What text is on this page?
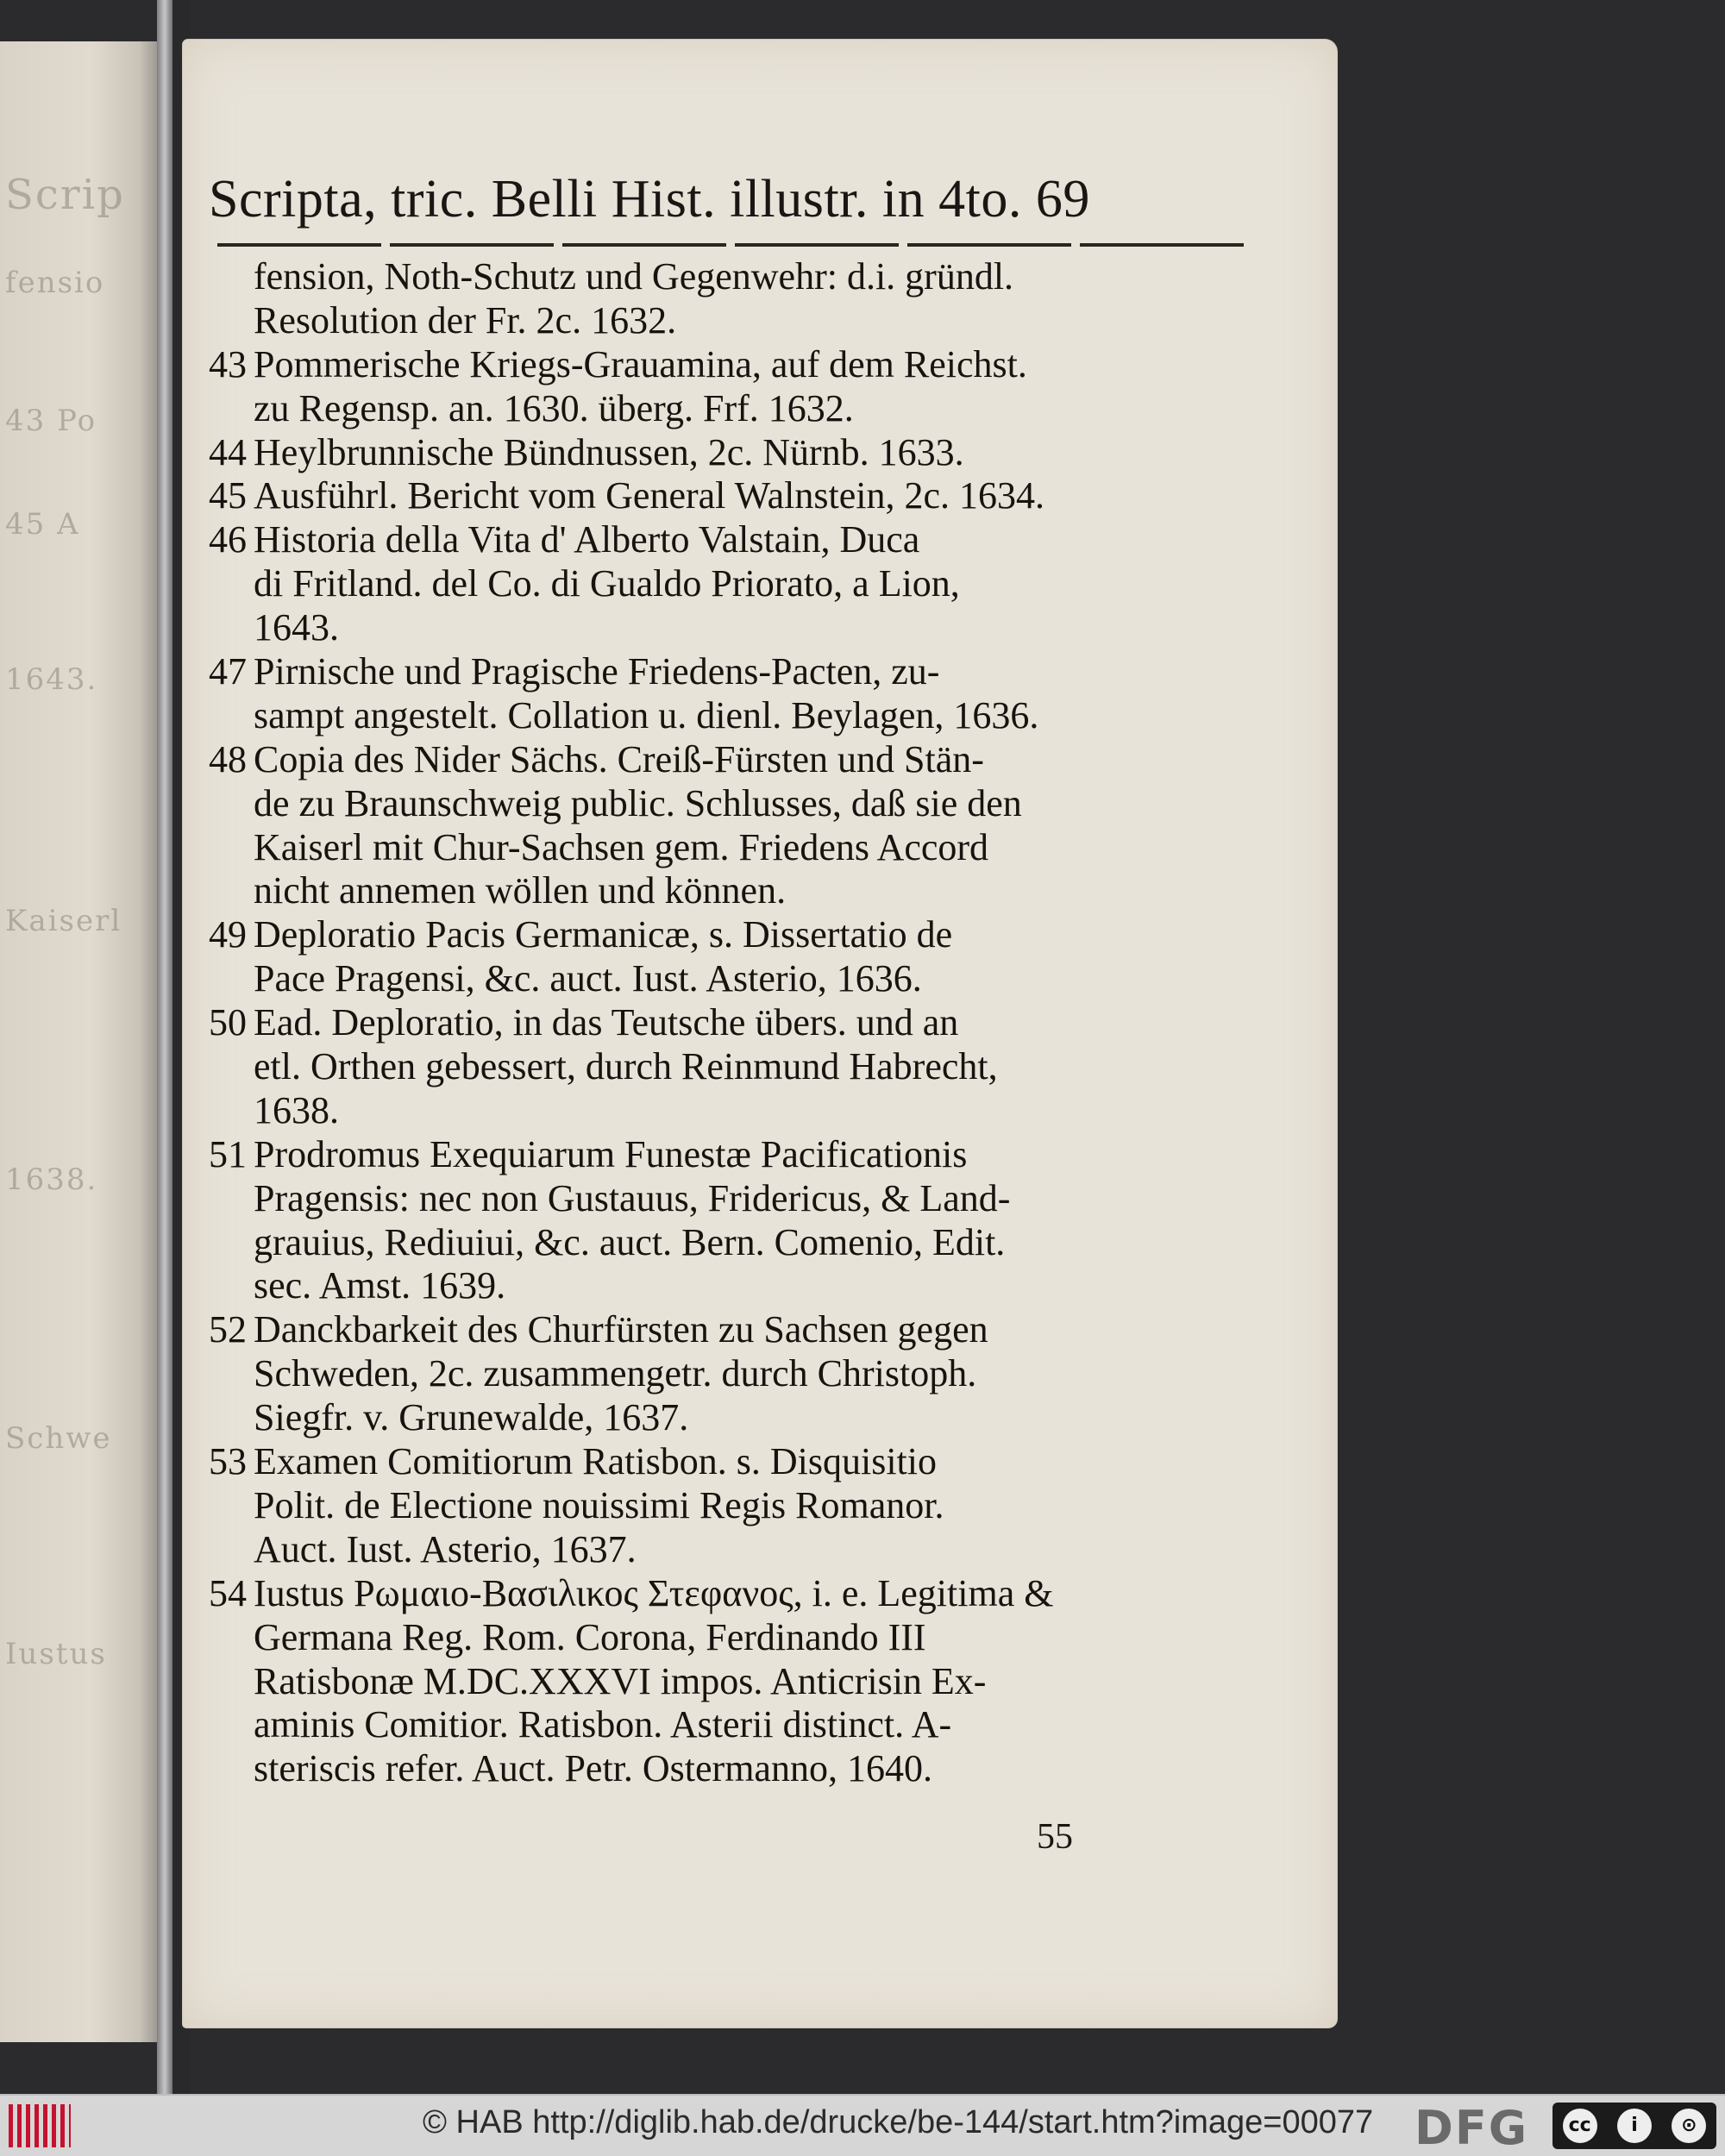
Scrip
fensio
43 Po
45 A
1643.
Kaiserl
1638.
Schwe
Iustus
Scripta, tric. Belli Hist. illustr. in 4to. 69
fension, Noth-Schutz und Gegenwehr: d.i. gründl.
Resolution der Fr. 2c. 1632.
43 Pommerische Kriegs-Grauamina, auf dem Reichst.
zu Regensp. an. 1630. überg. Frf. 1632.
44 Heylbrunnische Bündnussen, 2c. Nürnb. 1633.
45 Ausführl. Bericht vom General Walnstein, 2c. 1634.
46 Historia della Vita d' Alberto Valstain, Duca
di Fritland. del Co. di Gualdo Priorato, a Lion,
1643.
47 Pirnische und Pragische Friedens-Pacten, zu-
sampt angestelt. Collation u. dienl. Beylagen, 1636.
48 Copia des Nider Sächs. Creiß-Fürsten und Stän-
de zu Braunschweig public. Schlusses, daß sie den
Kaiserl mit Chur-Sachsen gem. Friedens Accord
nicht annemen wöllen und können.
49 Deploratio Pacis Germanicæ, s. Dissertatio de
Pace Pragensi, &c. auct. Iust. Asterio, 1636.
50 Ead. Deploratio, in das Teutsche übers. und an
etl. Orthen gebessert, durch Reinmund Habrecht,
1638.
51 Prodromus Exequiarum Funestæ Pacificationis
Pragensis: nec non Gustauus, Fridericus, & Land-
grauius, Rediuiui, &c. auct. Bern. Comenio, Edit.
sec. Amst. 1639.
52 Danckbarkeit des Churfürsten zu Sachsen gegen
Schweden, 2c. zusammengetr. durch Christoph.
Siegfr. v. Grunewalde, 1637.
53 Examen Comitiorum Ratisbon. s. Disquisitio
Polit. de Electione nouissimi Regis Romanor.
Auct. Iust. Asterio, 1637.
54 Iustus Ρωμαιο-Βασιλικος Στεφανος, i. e. Legitima &
Germana Reg. Rom. Corona, Ferdinando III
Ratisbonæ M.DC.XXXVI impos. Anticrisin Ex-
aminis Comitior. Ratisbon. Asterii distinct. A-
steriscis refer. Auct. Petr. Ostermanno, 1640.
55
© HAB http://diglib.hab.de/drucke/be-144/start.htm?image=00077 DFG	cc	i	⊙
